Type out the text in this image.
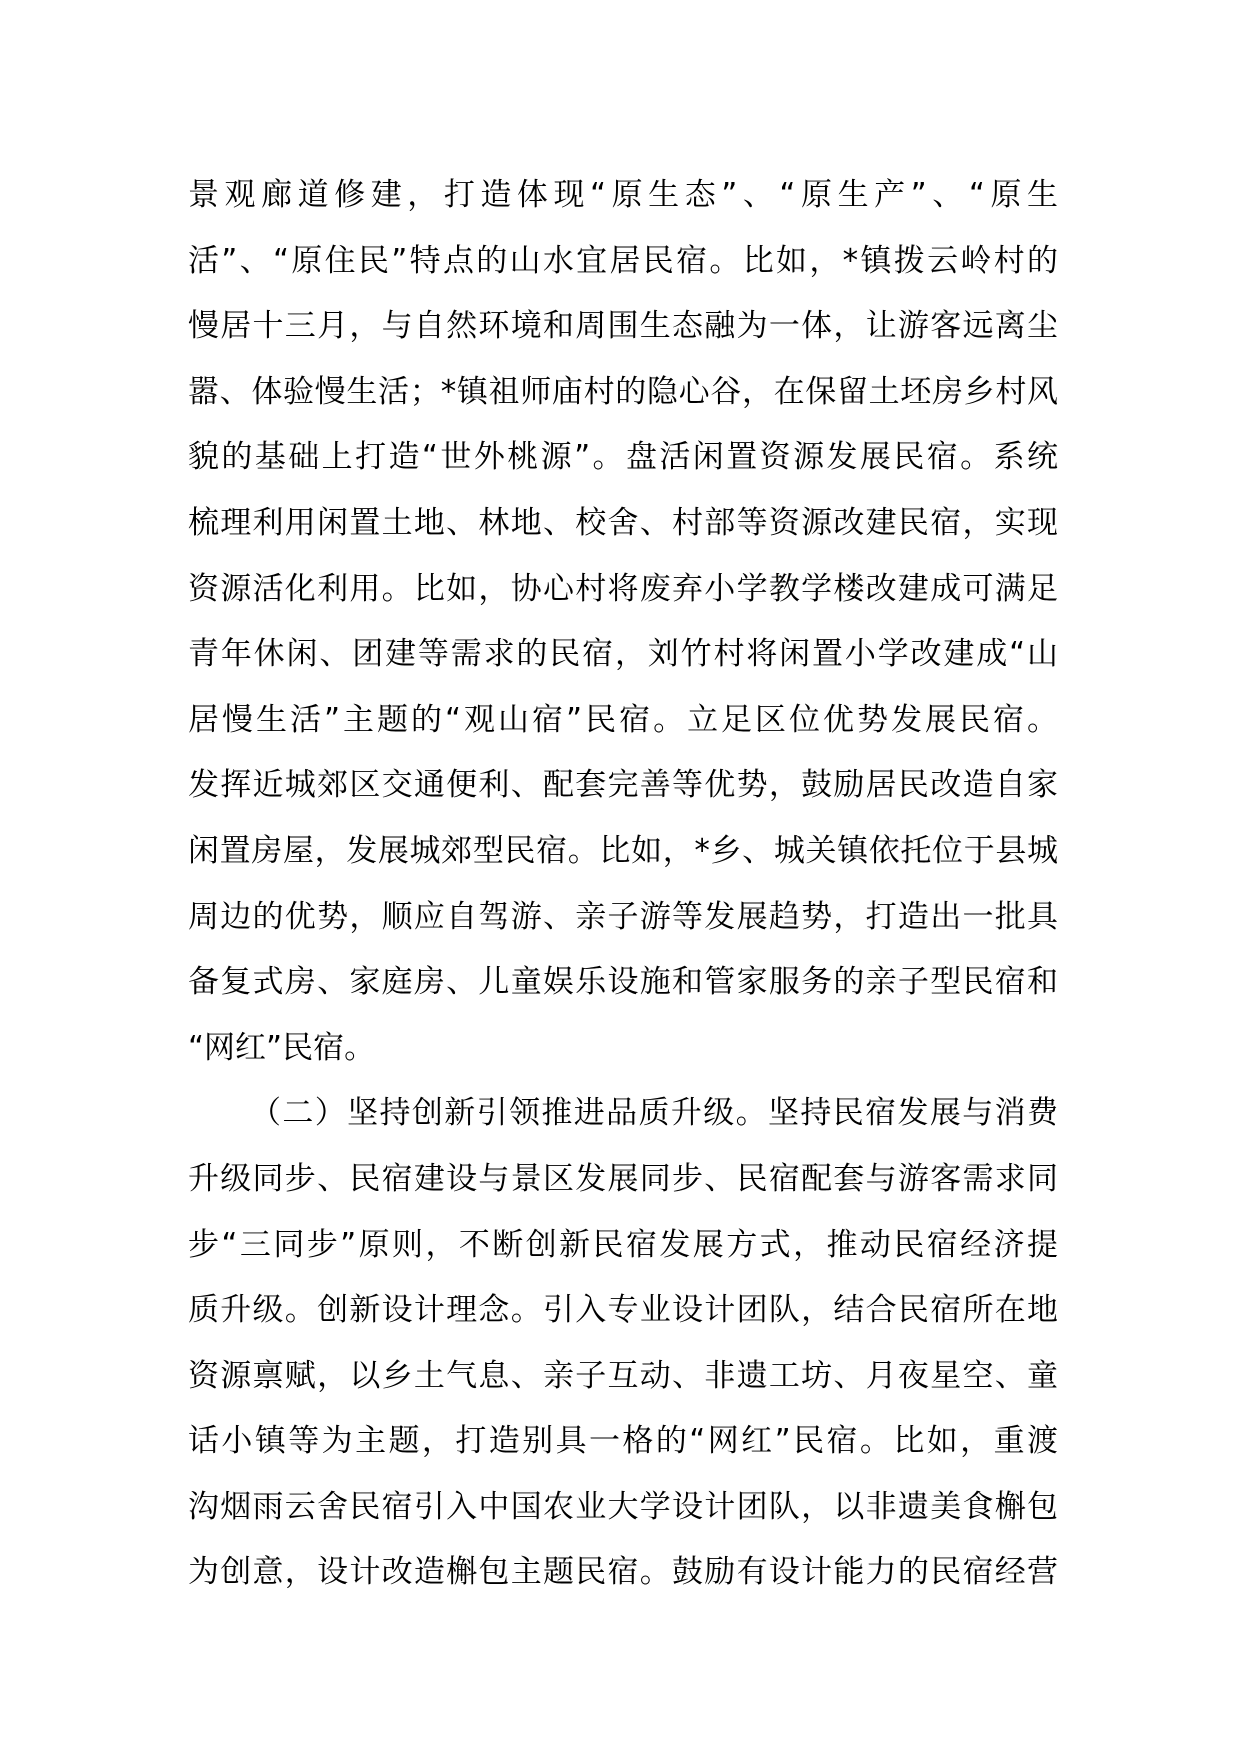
景观廊道修建，打造体现“原生态”、“原生产”、“原生
活”、“原住民”特点的山水宜居民宿。比如，*镇拨云岭村的
慢居十三月，与自然环境和周围生态融为一体，让游客远离尘
嚣、体验慢生活；*镇祖师庙村的隐心谷，在保留土坯房乡村风
貌的基础上打造“世外桃源”。盘活闲置资源发展民宿。系统
梳理利用闲置土地、林地、校舍、村部等资源改建民宿，实现
资源活化利用。比如，协心村将废弃小学教学楼改建成可满足
青年休闲、团建等需求的民宿，刘竹村将闲置小学改建成“山
居慢生活”主题的“观山宿”民宿。立足区位优势发展民宿。
发挥近城郊区交通便利、配套完善等优势，鼓励居民改造自家
闲置房屋，发展城郊型民宿。比如，*乡、城关镇依托位于县城
周边的优势，顺应自驾游、亲子游等发展趋势，打造出一批具
备复式房、家庭房、儿童娱乐设施和管家服务的亲子型民宿和
“网红”民宿。
（二）坚持创新引领推进品质升级。坚持民宿发展与消费
升级同步、民宿建设与景区发展同步、民宿配套与游客需求同
步“三同步”原则，不断创新民宿发展方式，推动民宿经济提
质升级。创新设计理念。引入专业设计团队，结合民宿所在地
资源禀赋，以乡土气息、亲子互动、非遗工坊、月夜星空、童
话小镇等为主题，打造别具一格的“网红”民宿。比如，重渡
沟烟雨云舍民宿引入中国农业大学设计团队，以非遗美食槲包
为创意，设计改造槲包主题民宿。鼓励有设计能力的民宿经营
